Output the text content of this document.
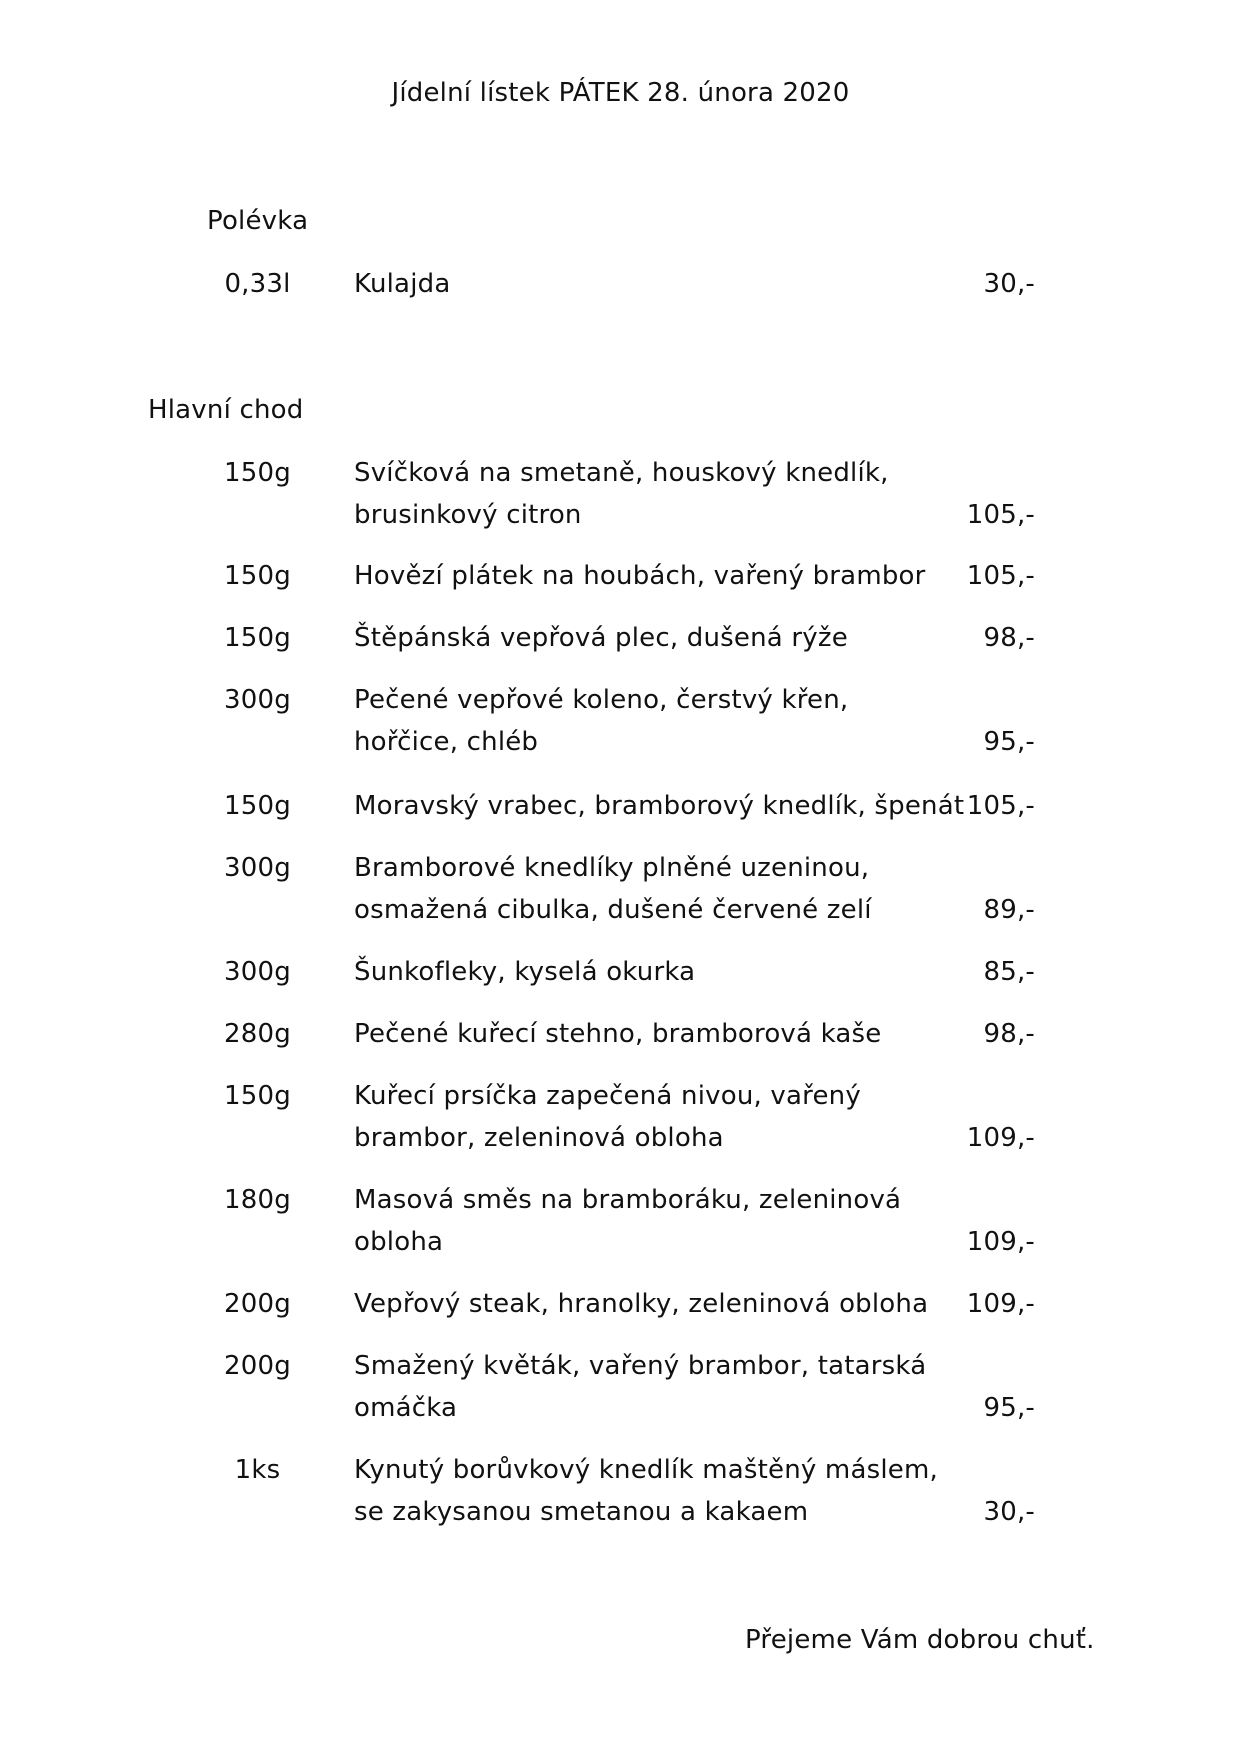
Jídelní lístek PÁTEK 28. února 2020
Polévka
0,33l	Kulajda	30,-
Hlavní chod
150g	Svíčková na smetaně, houskový knedlík,
brusinkový citron	105,-
150g	Hovězí plátek na houbách, vařený brambor	105,-
150g	Štěpánská vepřová plec, dušená rýže	98,-
300g	Pečené vepřové koleno, čerstvý křen,
hořčice, chléb	95,-
150g	Moravský vrabec, bramborový knedlík, špenát 105,-
300g	Bramborové knedlíky plněné uzeninou,
osmažená cibulka, dušené červené zelí	89,-
300g	Šunkofleky, kyselá okurka	85,-
280g	Pečené kuřecí stehno, bramborová kaše	98,-
150g	Kuřecí prsíčka zapečená nivou, vařený
brambor, zeleninová obloha	109,-
180g	Masová směs na bramboráku, zeleninová
obloha	109,-
200g	Vepřový steak, hranolky, zeleninová obloha	109,-
200g	Smažený květák, vařený brambor, tatarská
omáčka	95,-
1ks	Kynutý borůvkový knedlík maštěný máslem,
se zakysanou smetanou a kakaem	30,-
Přejeme Vám dobrou chuť.
